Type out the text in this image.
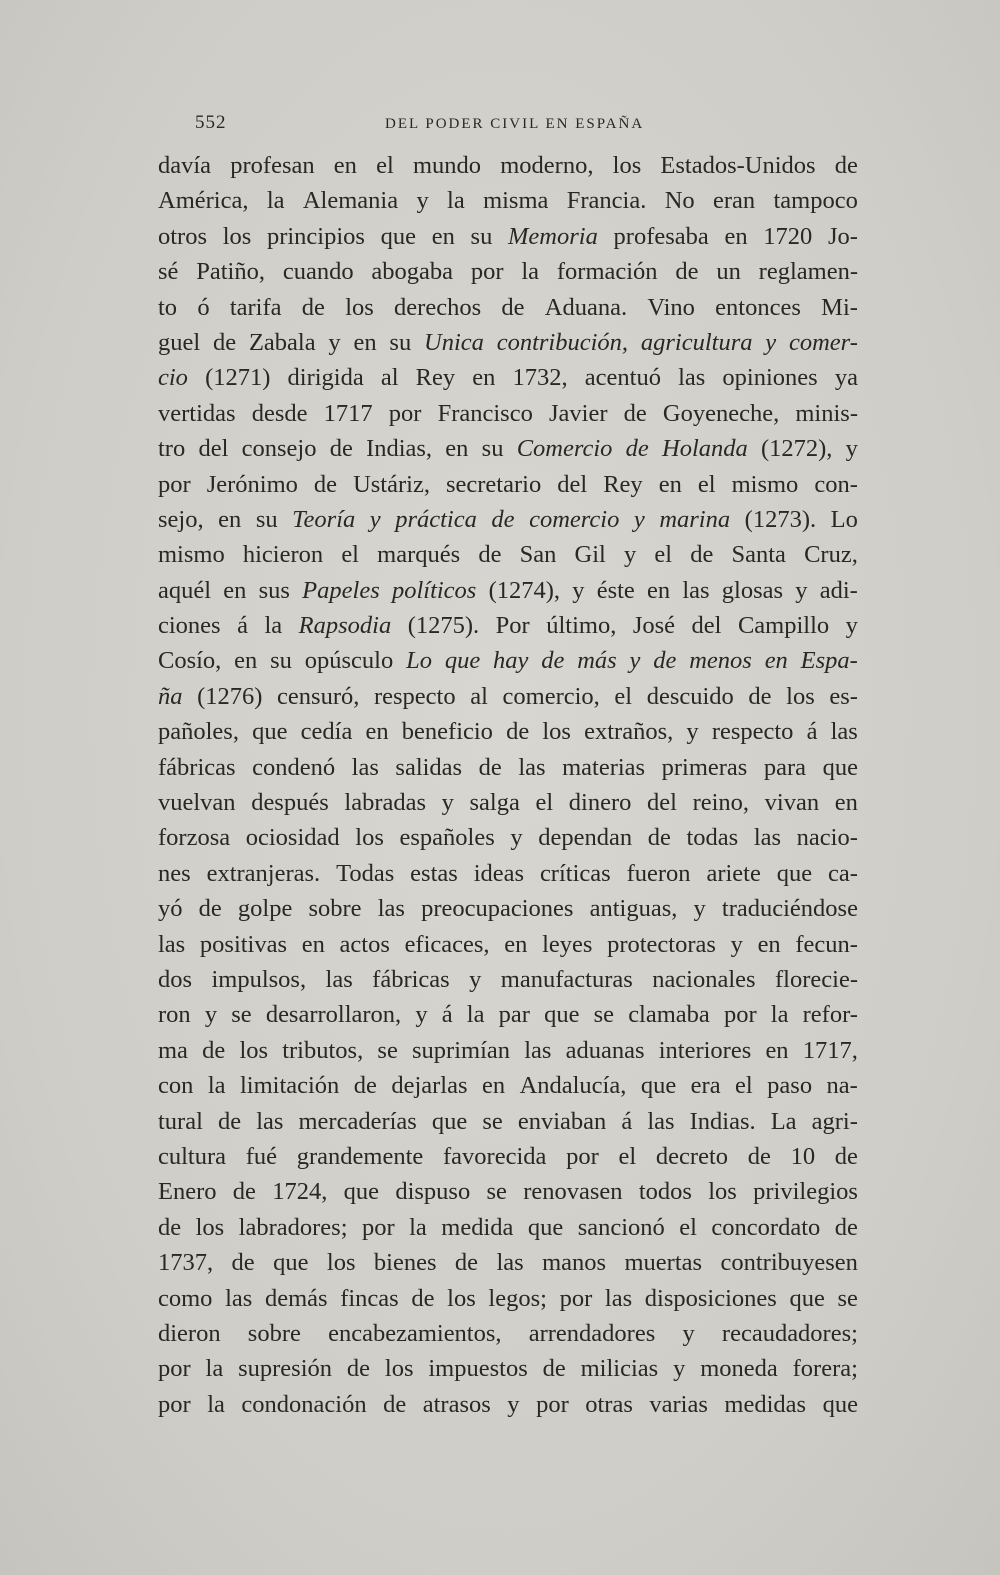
552	DEL PODER CIVIL EN ESPAÑA
davía profesan en el mundo moderno, los Estados-Unidos de
América, la Alemania y la misma Francia. No eran tampoco
otros los principios que en su Memoria profesaba en 1720 Jo-
sé Patiño, cuando abogaba por la formación de un reglamen-
to ó tarifa de los derechos de Aduana. Vino entonces Mi-
guel de Zabala y en su Unica contribución, agricultura y comer-
cio (1271) dirigida al Rey en 1732, acentuó las opiniones ya
vertidas desde 1717 por Francisco Javier de Goyeneche, minis-
tro del consejo de Indias, en su Comercio de Holanda (1272), y
por Jerónimo de Ustáriz, secretario del Rey en el mismo con-
sejo, en su Teoría y práctica de comercio y marina (1273). Lo
mismo hicieron el marqués de San Gil y el de Santa Cruz,
aquél en sus Papeles políticos (1274), y éste en las glosas y adi-
ciones á la Rapsodia (1275). Por último, José del Campillo y
Cosío, en su opúsculo Lo que hay de más y de menos en Espa-
ña (1276) censuró, respecto al comercio, el descuido de los es-
pañoles, que cedía en beneficio de los extraños, y respecto á las
fábricas condenó las salidas de las materias primeras para que
vuelvan después labradas y salga el dinero del reino, vivan en
forzosa ociosidad los españoles y dependan de todas las nacio-
nes extranjeras. Todas estas ideas críticas fueron ariete que ca-
yó de golpe sobre las preocupaciones antiguas, y traduciéndose
las positivas en actos eficaces, en leyes protectoras y en fecun-
dos impulsos, las fábricas y manufacturas nacionales florecie-
ron y se desarrollaron, y á la par que se clamaba por la refor-
ma de los tributos, se suprimían las aduanas interiores en 1717,
con la limitación de dejarlas en Andalucía, que era el paso na-
tural de las mercaderías que se enviaban á las Indias. La agri-
cultura fué grandemente favorecida por el decreto de 10 de
Enero de 1724, que dispuso se renovasen todos los privilegios
de los labradores; por la medida que sancionó el concordato de
1737, de que los bienes de las manos muertas contribuyesen
como las demás fincas de los legos; por las disposiciones que se
dieron sobre encabezamientos, arrendadores y recaudadores;
por la supresión de los impuestos de milicias y moneda forera;
por la condonación de atrasos y por otras varias medidas que
